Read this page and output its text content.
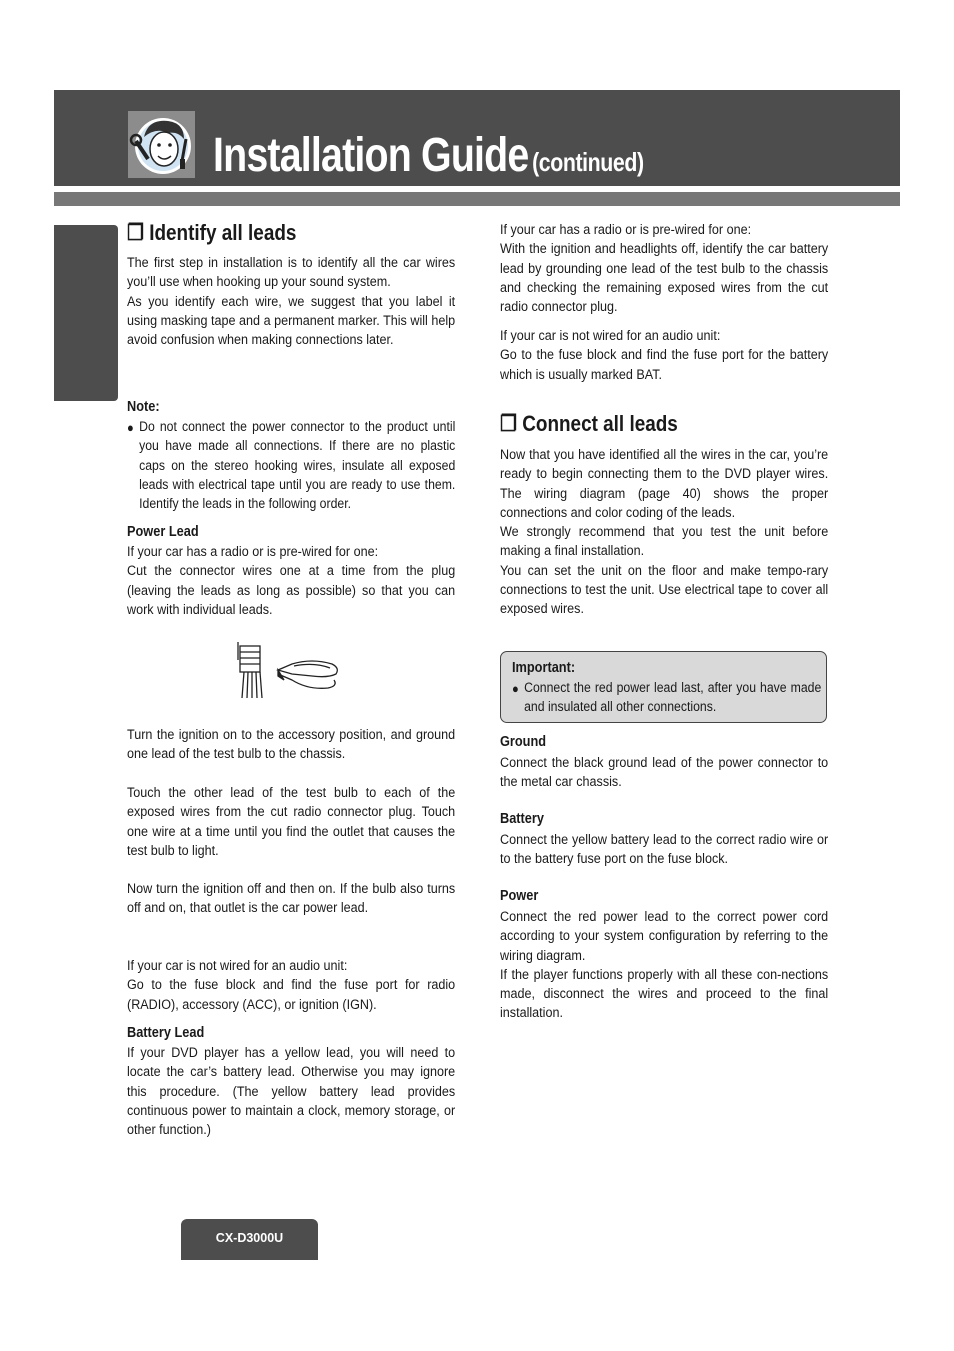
Installation Guide (continued)
❐ Identify all leads

The first step in installation is to identify all the car wires you’ll use when hooking up your sound system.

As you identify each wire, we suggest that you label it using masking tape and a permanent marker. This will help avoid confusion when making connections later.

Note:
● Do not connect the power connector to the product until you have made all connections. If there are no plastic caps on the stereo hooking wires, insulate all exposed leads with electrical tape until you are ready to use them. Identify the leads in the following order.
Power Lead

If your car has a radio or is pre-wired for one:

Cut the connector wires one at a time from the plug (leaving the leads as long as possible) so that you can work with individual leads.

Turn the ignition on to the accessory position, and ground one lead of the test bulb to the chassis.

Touch the other lead of the test bulb to each of the exposed wires from the cut radio connector plug. Touch one wire at a time until you find the outlet that causes the test bulb to light.

Now turn the ignition off and then on. If the bulb also turns off and on, that outlet is the car power lead.

If your car is not wired for an audio unit:

Go to the fuse block and find the fuse port for radio (RADIO), accessory (ACC), or ignition (IGN).

Battery Lead

If your DVD player has a yellow lead, you will need to locate the car’s battery lead. Otherwise you may ignore this procedure. (The yellow battery lead provides continuous power to maintain a clock, memory storage, or other function.)

If your car has a radio or is pre-wired for one:

With the ignition and headlights off, identify the car battery lead by grounding one lead of the test bulb to the chassis and checking the remaining exposed wires from the cut radio connector plug.

If your car is not wired for an audio unit:

Go to the fuse block and find the fuse port for the battery which is usually marked BAT.

❐ Connect all leads

Now that you have identified all the wires in the car, you’re ready to begin connecting them to the DVD player wires. The wiring diagram (page 40) shows the proper connections and color coding of the leads.

We strongly recommend that you test the unit before making a final installation.

You can set the unit on the floor and make tempo-rary connections to test the unit. Use electrical tape to cover all exposed wires.

Important:
● Connect the red power lead last, after you have made and insulated all other connections.
Ground

Connect the black ground lead of the power connector to the metal car chassis.

Battery

Connect the yellow battery lead to the correct radio wire or to the battery fuse port on the fuse block.

Power

Connect the red power lead to the correct power cord according to your system configuration by referring to the wiring diagram.

If the player functions properly with all these con-nections made, disconnect the wires and proceed to the final installation.

CX-D3000U
